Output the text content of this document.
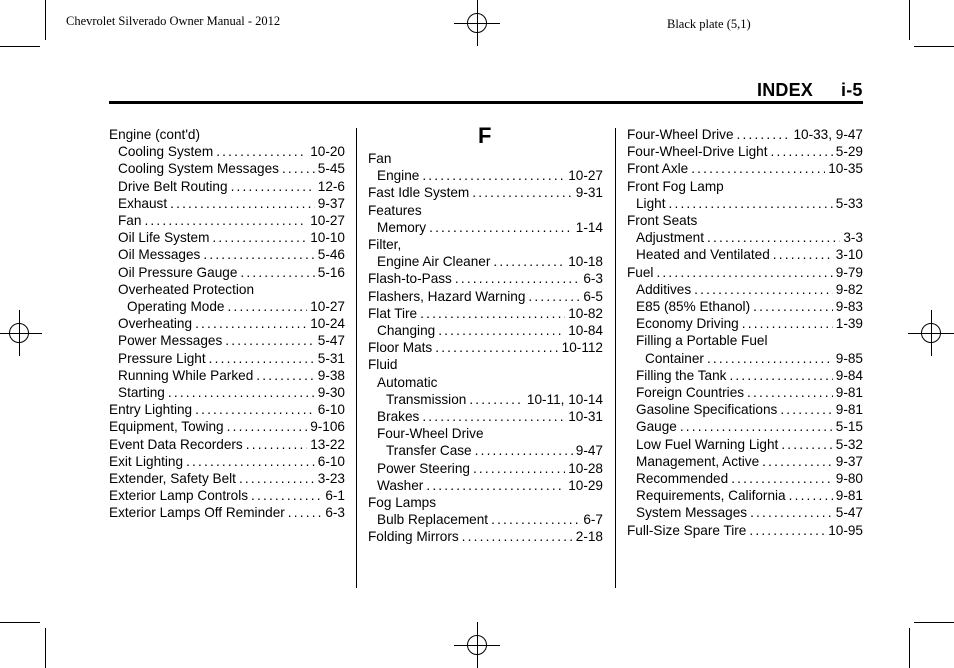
Chevrolet Silverado Owner Manual - 2012	Black plate (5,1)
INDEX i-5
Engine (cont'd)
Cooling System .....	10-20
Cooling System Messages .....	5-45
Drive Belt Routing .....	12-6
Exhaust .....	9-37
Fan .....	10-27
Oil Life System .....	10-10
Oil Messages .....	5-46
Oil Pressure Gauge .....	5-16
Overheated Protection
Operating Mode .....	10-27
Overheating .....	10-24
Power Messages .....	5-47
Pressure Light .....	5-31
Running While Parked .....	9-38
Starting .....	9-30
Entry Lighting .....	6-10
Equipment, Towing .....	9-106
Event Data Recorders .....	13-22
Exit Lighting .....	6-10
Extender, Safety Belt .....	3-23
Exterior Lamp Controls .....	6-1
Exterior Lamps Off Reminder .....	6-3
F
Fan
Engine .....	10-27
Fast Idle System .....	9-31
Features
Memory .....	1-14
Filter,
Engine Air Cleaner .....	10-18
Flash-to-Pass .....	6-3
Flashers, Hazard Warning .....	6-5
Flat Tire .....	10-82
Changing .....	10-84
Floor Mats .....	10-112
Fluid
Automatic
Transmission .....	10-11, 10-14
Brakes .....	10-31
Four-Wheel Drive
Transfer Case .....	9-47
Power Steering .....	10-28
Washer .....	10-29
Fog Lamps
Bulb Replacement .....	6-7
Folding Mirrors .....	2-18
Four-Wheel Drive .....	10-33, 9-47
Four-Wheel-Drive Light .....	5-29
Front Axle .....	10-35
Front Fog Lamp
Light .....	5-33
Front Seats
Adjustment .....	3-3
Heated and Ventilated .....	3-10
Fuel .....	9-79
Additives .....	9-82
E85 (85% Ethanol) .....	9-83
Economy Driving .....	1-39
Filling a Portable Fuel
Container .....	9-85
Filling the Tank .....	9-84
Foreign Countries .....	9-81
Gasoline Specifications .....	9-81
Gauge .....	5-15
Low Fuel Warning Light .....	5-32
Management, Active .....	9-37
Recommended .....	9-80
Requirements, California .....	9-81
System Messages .....	5-47
Full-Size Spare Tire .....	10-95
